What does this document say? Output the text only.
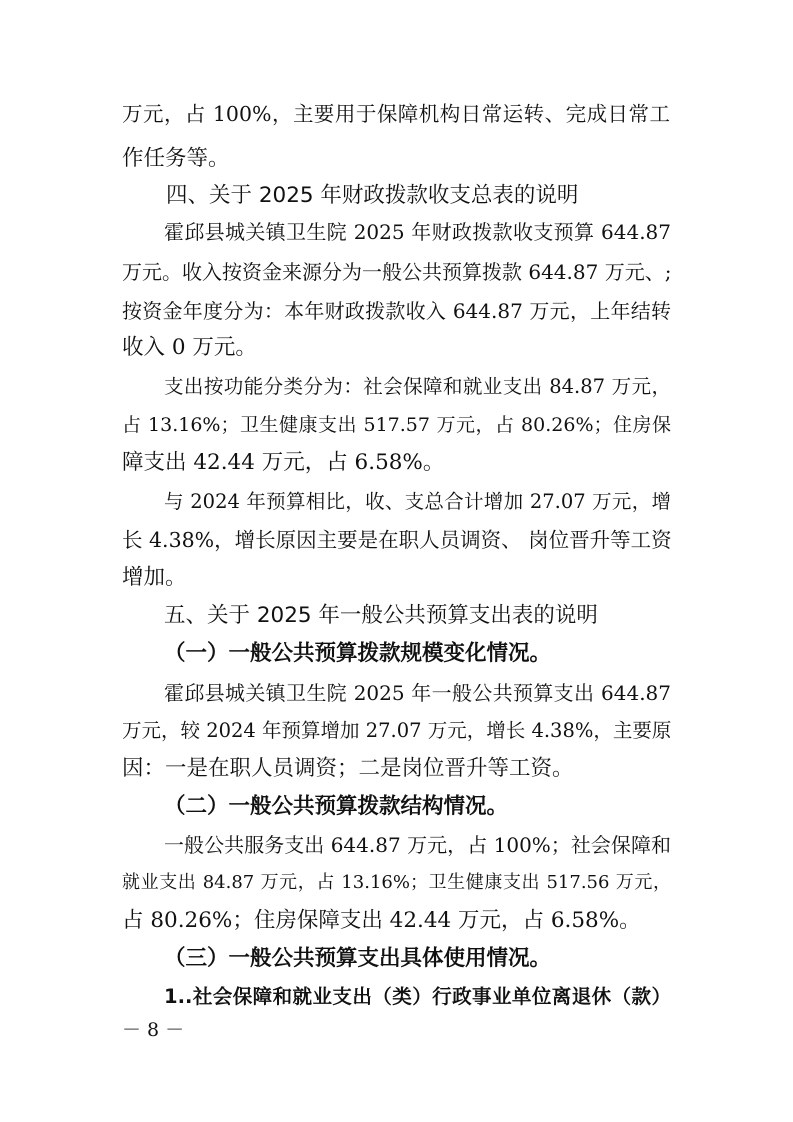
万元，占 100%，主要用于保障机构日常运转、完成日常工
作任务等。
四、关于 2025 年财政拨款收支总表的说明
霍邱县城关镇卫生院 2025 年财政拨款收支预算 644.87
万元。收入按资金来源分为一般公共预算拨款 644.87 万元、;
按资金年度分为：本年财政拨款收入 644.87 万元，上年结转
收入 0 万元。
支出按功能分类分为：社会保障和就业支出 84.87 万元，
占 13.16%；卫生健康支出 517.57 万元，占 80.26%；住房保
障支出 42.44 万元，占 6.58%。
与 2024 年预算相比，收、支总合计增加 27.07 万元，增
长 4.38%，增长原因主要是在职人员调资、 岗位晋升等工资
增加。
五、关于 2025 年一般公共预算支出表的说明
（一）一般公共预算拨款规模变化情况。
霍邱县城关镇卫生院 2025 年一般公共预算支出 644.87
万元，较 2024 年预算增加 27.07 万元，增长 4.38%，主要原
因：一是在职人员调资；二是岗位晋升等工资。
（二）一般公共预算拨款结构情况。
一般公共服务支出 644.87 万元，占 100%；社会保障和
就业支出 84.87 万元，占 13.16%；卫生健康支出 517.56 万元，
占 80.26%；住房保障支出 42.44 万元，占 6.58%。
（三）一般公共预算支出具体使用情况。
1..社会保障和就业支出（类）行政事业单位离退休（款）
－ 8 －
